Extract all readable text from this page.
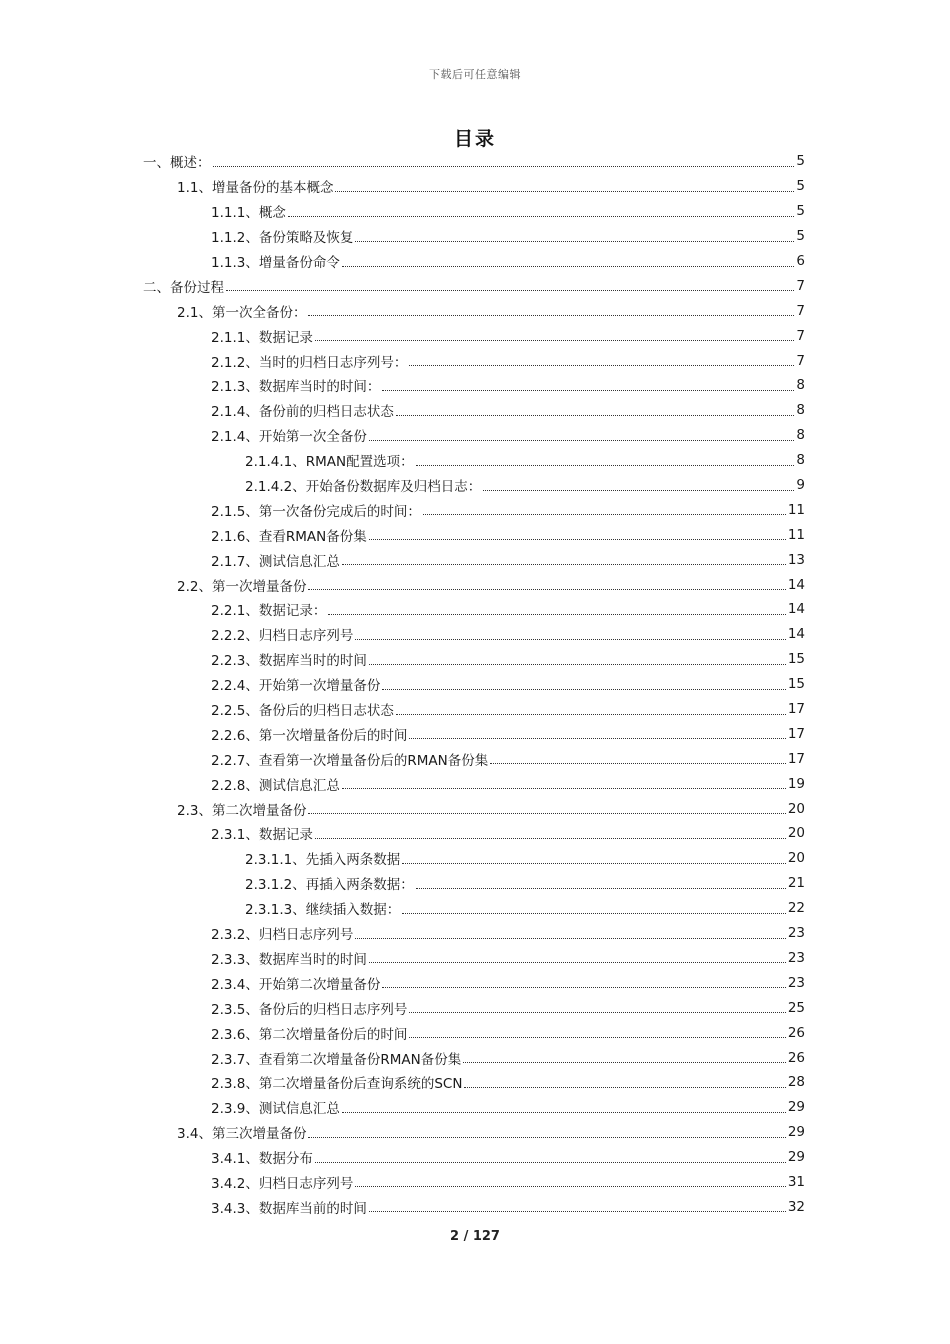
下载后可任意编辑
目录
一、概述：	5
1.1、增量备份的基本概念	5
1.1.1、概念	5
1.1.2、备份策略及恢复	5
1.1.3、增量备份命令	6
二、备份过程	7
2.1、第一次全备份：	7
2.1.1、数据记录	7
2.1.2、当时的归档日志序列号：	7
2.1.3、数据库当时的时间：	8
2.1.4、备份前的归档日志状态	8
2.1.4、开始第一次全备份	8
2.1.4.1、RMAN配置选项：	8
2.1.4.2、开始备份数据库及归档日志：	9
2.1.5、第一次备份完成后的时间：	11
2.1.6、查看RMAN备份集	11
2.1.7、测试信息汇总	13
2.2、第一次增量备份	14
2.2.1、数据记录：	14
2.2.2、归档日志序列号	14
2.2.3、数据库当时的时间	15
2.2.4、开始第一次增量备份	15
2.2.5、备份后的归档日志状态	17
2.2.6、第一次增量备份后的时间	17
2.2.7、查看第一次增量备份后的RMAN备份集	17
2.2.8、测试信息汇总	19
2.3、第二次增量备份	20
2.3.1、数据记录	20
2.3.1.1、先插入两条数据	20
2.3.1.2、再插入两条数据：	21
2.3.1.3、继续插入数据：	22
2.3.2、归档日志序列号	23
2.3.3、数据库当时的时间	23
2.3.4、开始第二次增量备份	23
2.3.5、备份后的归档日志序列号	25
2.3.6、第二次增量备份后的时间	26
2.3.7、查看第二次增量备份RMAN备份集	26
2.3.8、第二次增量备份后查询系统的SCN	28
2.3.9、测试信息汇总	29
3.4、第三次增量备份	29
3.4.1、数据分布	29
3.4.2、归档日志序列号	31
3.4.3、数据库当前的时间	32
2 / 127
